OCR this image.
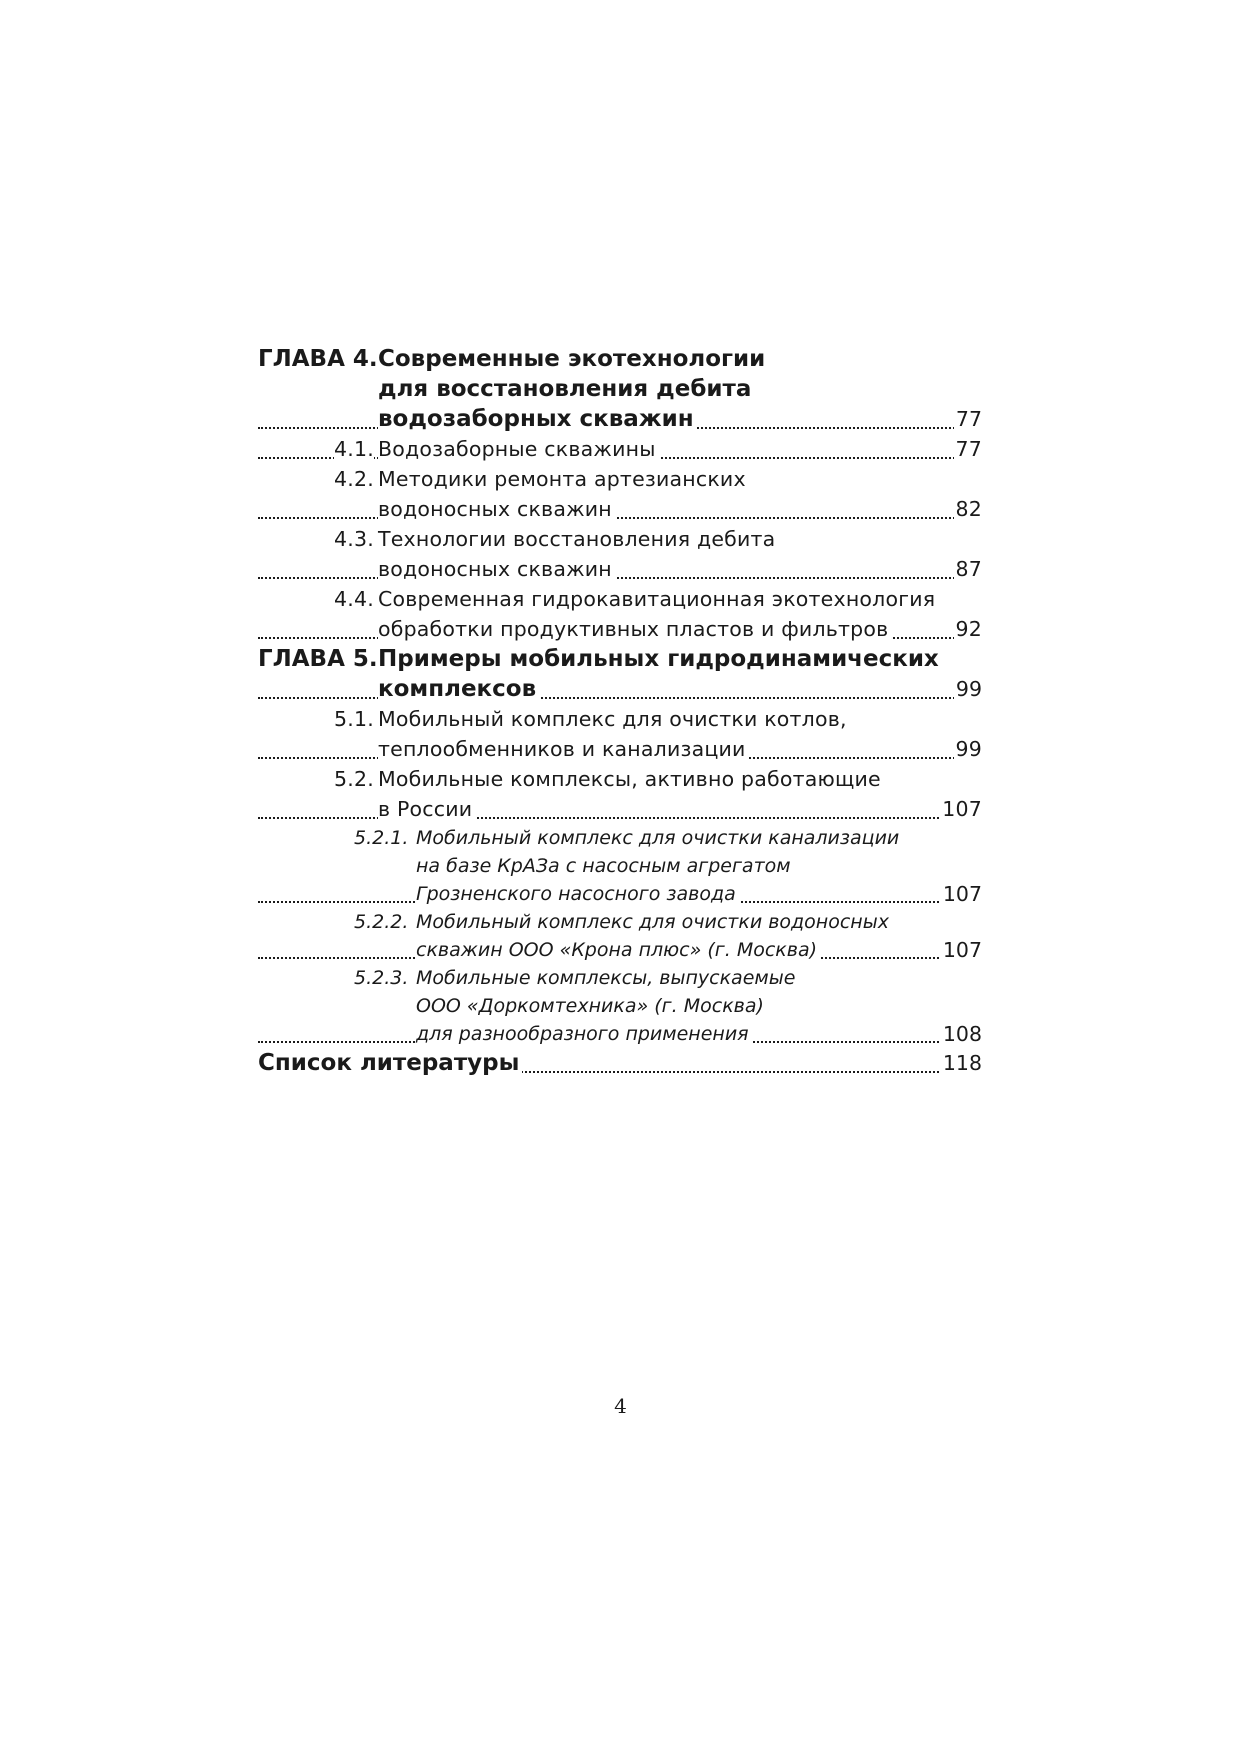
ГЛАВА 4. Современные экотехнологии
для восстановления дебита
водозаборных скважин	77
4.1. Водозаборные скважины	77
4.2. Методики ремонта артезианских
водоносных скважин	82
4.3. Технологии восстановления дебита
водоносных скважин	87
4.4. Современная гидрокавитационная экотехнология
обработки продуктивных пластов и фильтров	92
ГЛАВА 5. Примеры мобильных гидродинамических
комплексов	99
5.1. Мобильный комплекс для очистки котлов,
теплообменников и канализации	99
5.2. Мобильные комплексы, активно работающие
в России	107
5.2.1. Мобильный комплекс для очистки канализации
на базе КрАЗа с насосным агрегатом
Грозненского насосного завода	107
5.2.2. Мобильный комплекс для очистки водоносных
скважин ООО «Крона плюс» (г. Москва)	107
5.2.3. Мобильные комплексы, выпускаемые
ООО «Доркомтехника» (г. Москва)
для разнообразного применения	108
Список литературы	118
4
